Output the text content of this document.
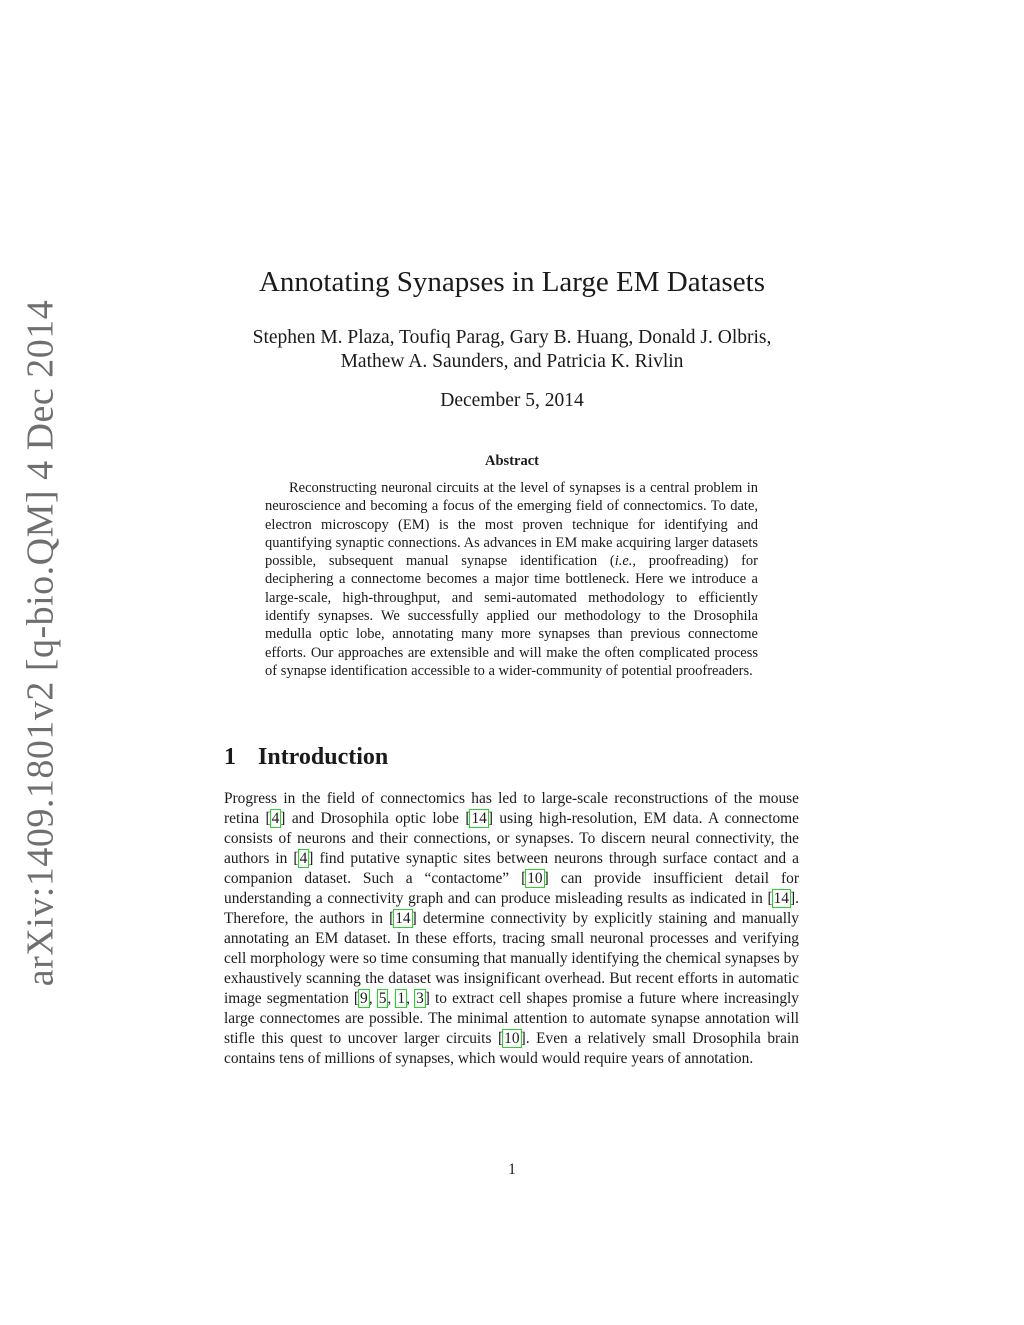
arXiv:1409.1801v2 [q-bio.QM] 4 Dec 2014
Annotating Synapses in Large EM Datasets
Stephen M. Plaza, Toufiq Parag, Gary B. Huang, Donald J. Olbris,
Mathew A. Saunders, and Patricia K. Rivlin
December 5, 2014
Abstract

Reconstructing neuronal circuits at the level of synapses is a central problem in neuroscience and becoming a focus of the emerging field of connectomics. To date, electron microscopy (EM) is the most proven technique for identifying and quantifying synaptic connections. As advances in EM make acquiring larger datasets possible, subsequent manual synapse identification (i.e., proofreading) for deciphering a connectome becomes a major time bottleneck. Here we introduce a large-scale, high-throughput, and semi-automated methodology to efficiently identify synapses. We successfully applied our methodology to the Drosophila medulla optic lobe, annotating many more synapses than previous connectome efforts. Our approaches are extensible and will make the often complicated process of synapse identification accessible to a wider-community of potential proofreaders.

1 Introduction

Progress in the field of connectomics has led to large-scale reconstructions of the mouse retina [4] and Drosophila optic lobe [14] using high-resolution, EM data. A connectome consists of neurons and their connections, or synapses. To discern neural connectivity, the authors in [4] find putative synaptic sites between neurons through surface contact and a companion dataset. Such a “contactome” [10] can provide insufficient detail for understanding a connectivity graph and can produce misleading results as indicated in [14]. Therefore, the authors in [14] determine connectivity by explicitly staining and manually annotating an EM dataset. In these efforts, tracing small neuronal processes and verifying cell morphology were so time consuming that manually identifying the chemical synapses by exhaustively scanning the dataset was insignificant overhead. But recent efforts in automatic image segmentation [9, 5, 1, 3] to extract cell shapes promise a future where increasingly large connectomes are possible. The minimal attention to automate synapse annotation will stifle this quest to uncover larger circuits [10]. Even a relatively small Drosophila brain contains tens of millions of synapses, which would would require years of annotation.

1
